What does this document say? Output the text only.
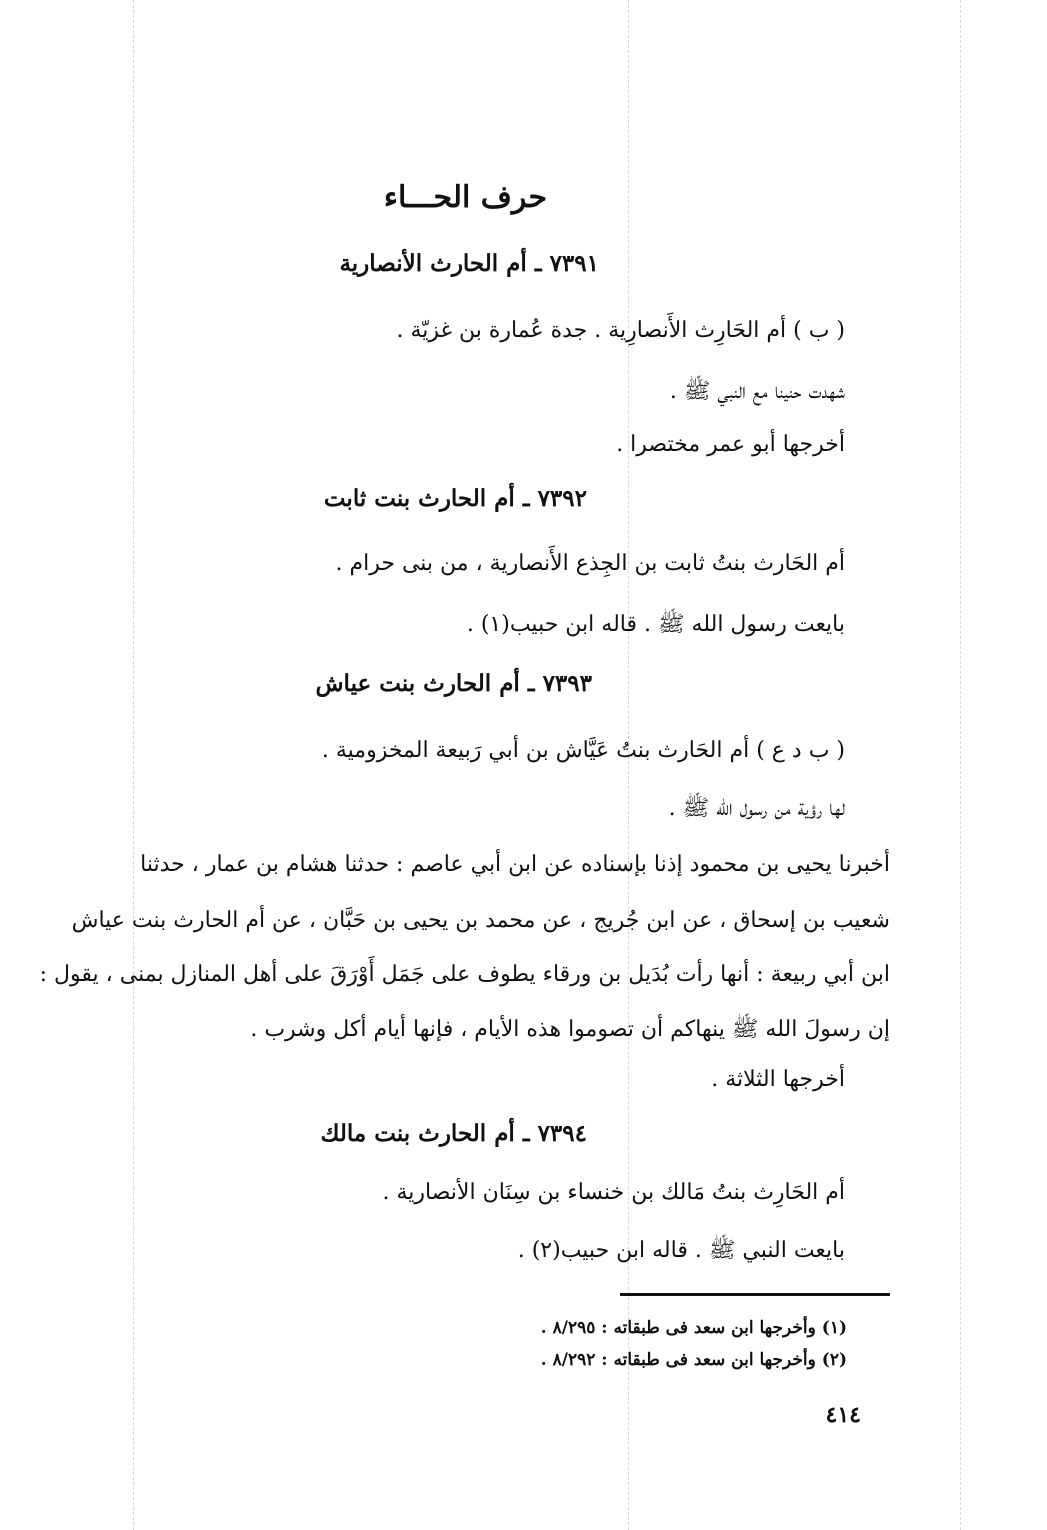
حرف الحـــاء
٧٣٩١ ـ أم الحارث الأنصارية
( ب ) أم الحَارِث الأَنصارِية . جدة عُمارة بن غزيّة .
شهدت حنينا مع النبي ﷺ .
أخرجها أبو عمر مختصرا .
٧٣٩٢ ـ أم الحارث بنت ثابت
أم الحَارث بنتُ ثابت بن الجِذع الأَنصارية ، من بنى حرام .
بايعت رسول الله ﷺ . قاله ابن حبيب(١) .
٧٣٩٣ ـ أم الحارث بنت عياش
( ب د ع ) أم الحَارث بنتُ عَيَّاش بن أبي رَبيعة المخزومية .
لها رؤية من رسول الله ﷺ .
أخبرنا يحيى بن محمود إذنا بإسناده عن ابن أبي عاصم : حدثنا هشام بن عمار ، حدثنا
شعيب بن إسحاق ، عن ابن جُريج ، عن محمد بن يحيى بن حَبَّان ، عن أم الحارث بنت عياش
ابن أبي ربيعة : أنها رأت بُدَيل بن ورقاء يطوف على جَمَل أَوْرَقَ على أهل المنازل بمنى ، يقول :
إن رسولَ الله ﷺ ينهاكم أن تصوموا هذه الأيام ، فإنها أيام أكل وشرب .
أخرجها الثلاثة .
٧٣٩٤ ـ أم الحارث بنت مالك
أم الحَارِث بنتُ مَالك بن خنساء بن سِنَان الأنصارية .
بايعت النبي ﷺ . قاله ابن حبيب(٢) .
(١) وأخرجها ابن سعد فى طبقاته : ٨/٢٩٥ .
(٢) وأخرجها ابن سعد فى طبقاته : ٨/٢٩٢ .
٤١٤
